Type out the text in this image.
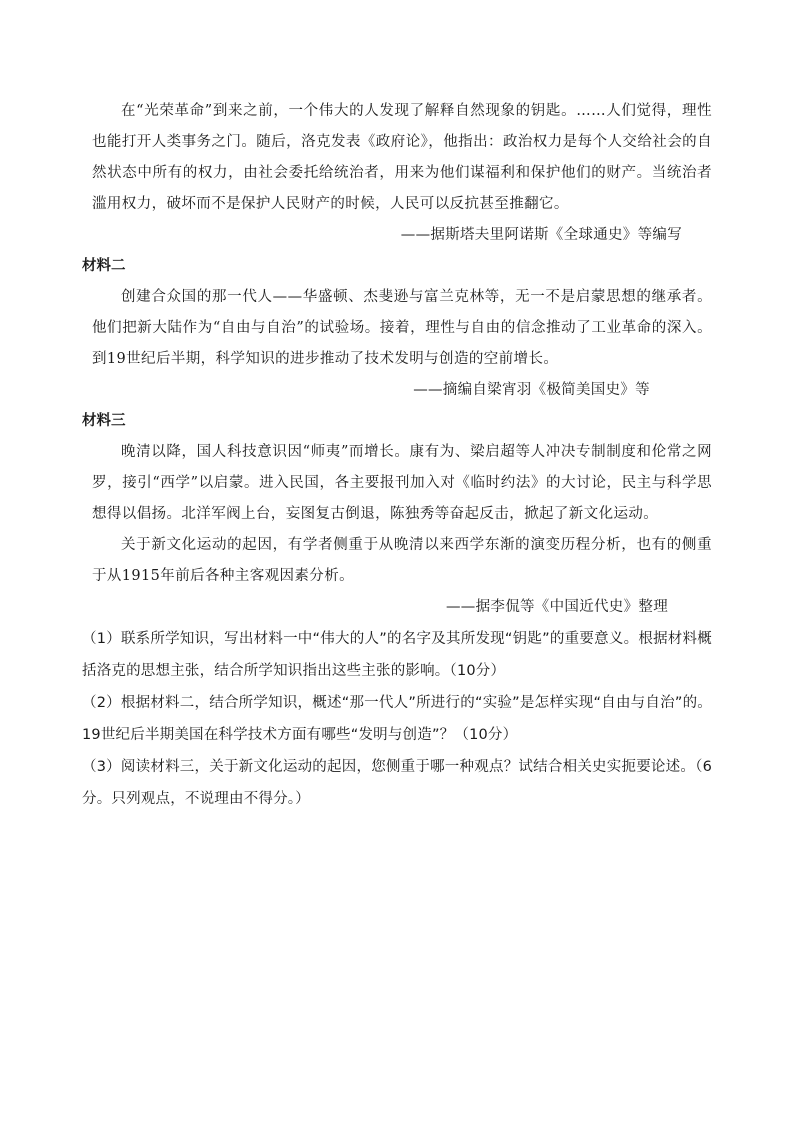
在“光荣革命”到来之前，一个伟大的人发现了解释自然现象的钥匙。……人们觉得，理性也能打开人类事务之门。随后，洛克发表《政府论》，他指出：政治权力是每个人交给社会的自然状态中所有的权力，由社会委托给统治者，用来为他们谋福利和保护他们的财产。当统治者滥用权力，破坏而不是保护人民财产的时候，人民可以反抗甚至推翻它。

——据斯塔夫里阿诺斯《全球通史》等编写

材料二

创建合众国的那一代人——华盛顿、杰斐逊与富兰克林等，无一不是启蒙思想的继承者。他们把新大陆作为“自由与自治”的试验场。接着，理性与自由的信念推动了工业革命的深入。到19世纪后半期，科学知识的进步推动了技术发明与创造的空前增长。

——摘编自梁宵羽《极简美国史》等

材料三

晚清以降，国人科技意识因“师夷”而增长。康有为、梁启超等人冲决专制制度和伦常之网罗，接引“西学”以启蒙。进入民国，各主要报刊加入对《临时约法》的大讨论，民主与科学思想得以倡扬。北洋军阀上台，妄图复古倒退，陈独秀等奋起反击，掀起了新文化运动。

关于新文化运动的起因，有学者侧重于从晚清以来西学东渐的演变历程分析，也有的侧重于从1915年前后各种主客观因素分析。

——据李侃等《中国近代史》整理

（1）联系所学知识，写出材料一中“伟大的人”的名字及其所发现“钥匙”的重要意义。根据材料概括洛克的思想主张，结合所学知识指出这些主张的影响。（10分）

（2）根据材料二，结合所学知识，概述“那一代人”所进行的“实验”是怎样实现“自由与自治”的。19世纪后半期美国在科学技术方面有哪些“发明与创造”？（10分）

（3）阅读材料三，关于新文化运动的起因，您侧重于哪一种观点？试结合相关史实扼要论述。（6分。只列观点，不说理由不得分。）
